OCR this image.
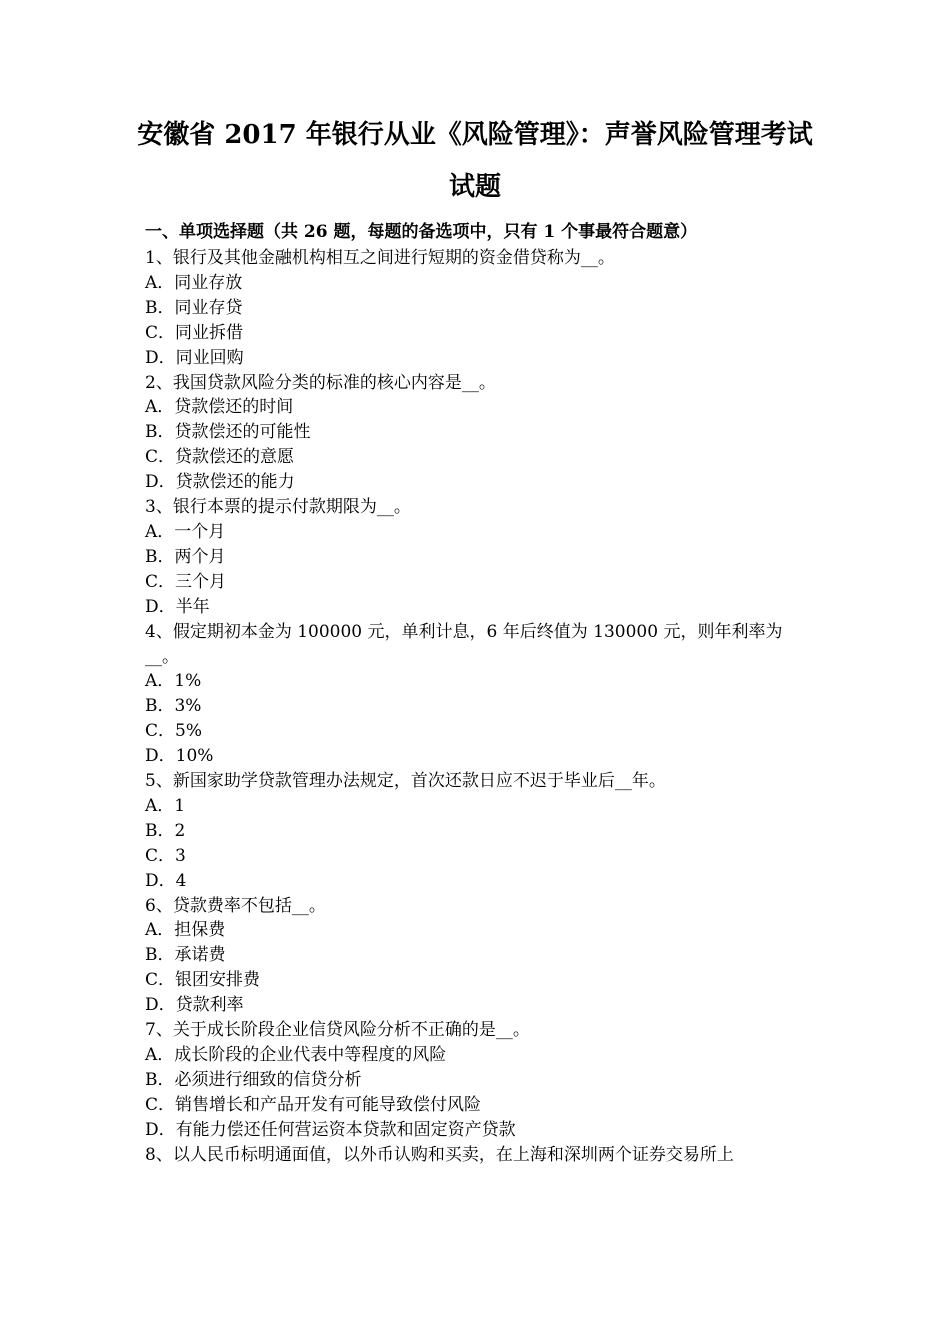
安徽省 2017 年银行从业《风险管理》：声誉风险管理考试
试题
一、单项选择题（共 26 题，每题的备选项中，只有 1 个事最符合题意）

1、银行及其他金融机构相互之间进行短期的资金借贷称为__。

A．同业存放

B．同业存贷

C．同业拆借

D．同业回购

2、我国贷款风险分类的标准的核心内容是__。

A．贷款偿还的时间

B．贷款偿还的可能性

C．贷款偿还的意愿

D．贷款偿还的能力

3、银行本票的提示付款期限为__。

A．一个月

B．两个月

C．三个月

D．半年

4、假定期初本金为 100000 元，单利计息，6 年后终值为 130000 元，则年利率为__。

A．1%

B．3%

C．5%

D．10%

5、新国家助学贷款管理办法规定，首次还款日应不迟于毕业后__年。

A．1

B．2

C．3

D．4

6、贷款费率不包括__。

A．担保费

B．承诺费

C．银团安排费

D．贷款利率

7、关于成长阶段企业信贷风险分析不正确的是__。

A．成长阶段的企业代表中等程度的风险

B．必须进行细致的信贷分析

C．销售增长和产品开发有可能导致偿付风险

D．有能力偿还任何营运资本贷款和固定资产贷款

8、以人民币标明通面值，以外币认购和买卖，在上海和深圳两个证券交易所上
